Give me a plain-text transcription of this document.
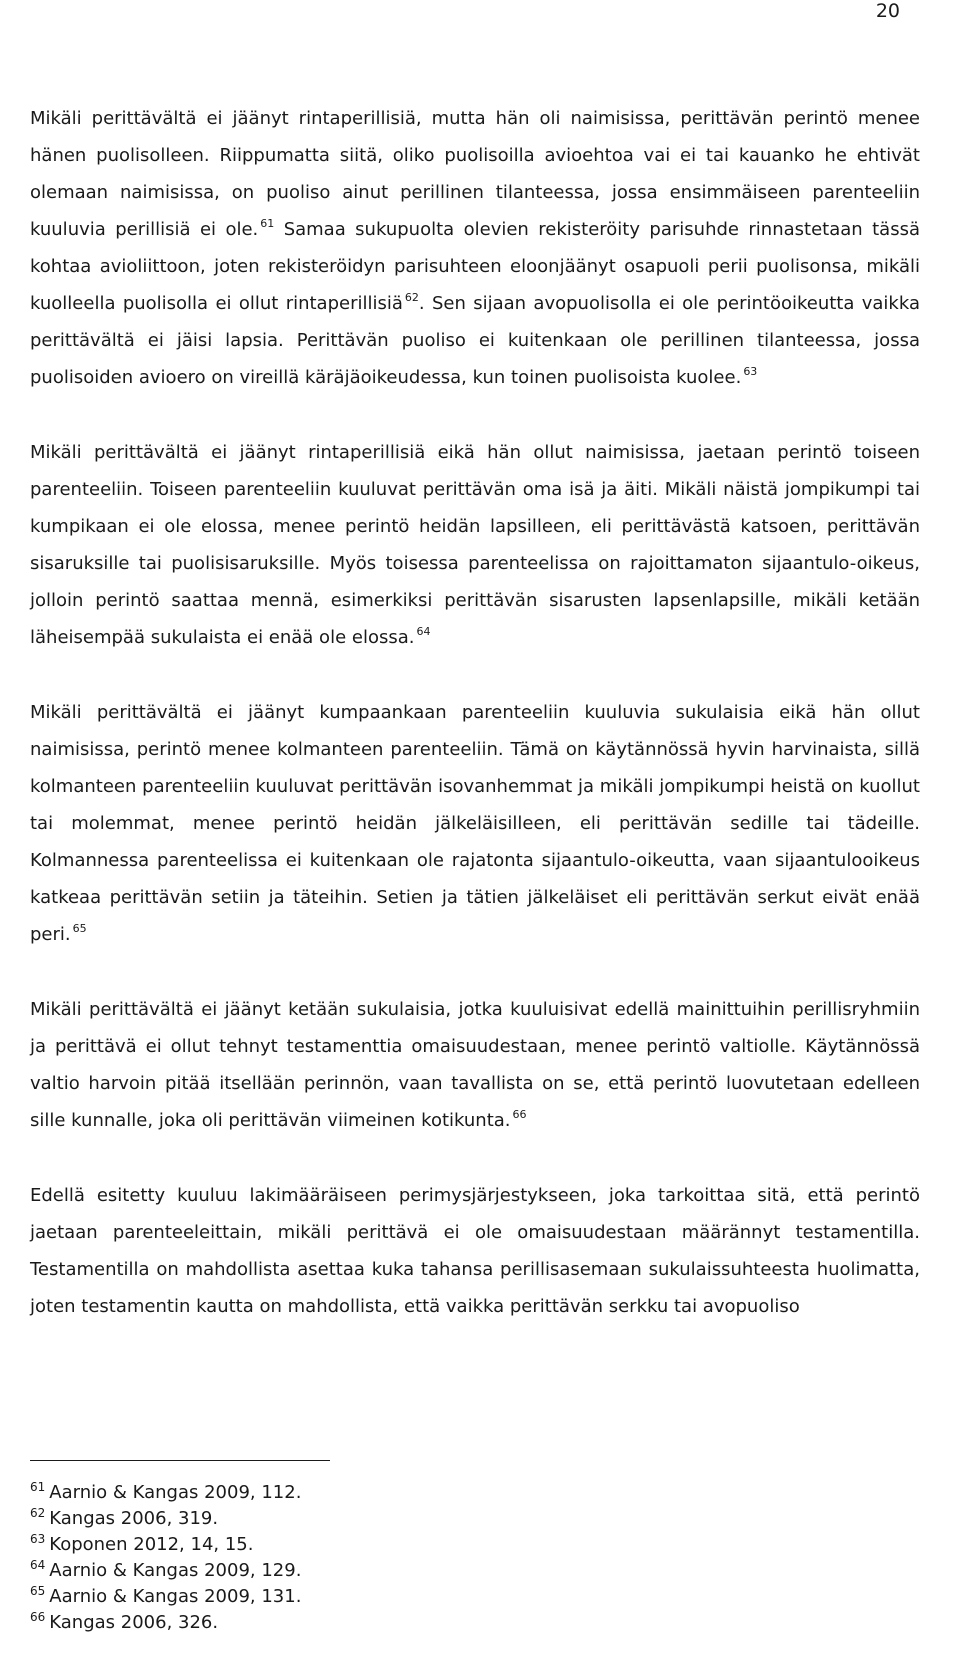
20

Mikäli perittävältä ei jäänyt rintaperillisiä, mutta hän oli naimisissa, perittävän perintö menee hänen puolisolleen. Riippumatta siitä, oliko puolisoilla avioehtoa vai ei tai kauanko he ehtivät olemaan naimisissa, on puoliso ainut perillinen tilanteessa, jossa ensimmäiseen parenteeliin kuuluvia perillisiä ei ole. $^{61}$ Samaa sukupuolta olevien rekisteröity parisuhde rinnastetaan tässä kohtaa avioliittoon, joten rekisteröidyn parisuhteen eloonjäänyt osapuoli perii puolisonsa, mikäli kuolleella puolisolla ei ollut rintaperillisiä $^{62}$. Sen sijaan avopuolisolla ei ole perintöoikeutta vaikka perittävältä ei jäisi lapsia. Perittävän puoliso ei kuitenkaan ole perillinen tilanteessa, jossa puolisoiden avioero on vireillä käräjäoikeudessa, kun toinen puolisoista kuolee. $^{63}$

Mikäli perittävältä ei jäänyt rintaperillisiä eikä hän ollut naimisissa, jaetaan perintö toiseen parenteeliin. Toiseen parenteeliin kuuluvat perittävän oma isä ja äiti. Mikäli näistä jompikumpi tai kumpikaan ei ole elossa, menee perintö heidän lapsilleen, eli perittävästä katsoen, perittävän sisaruksille tai puolisisaruksille. Myös toisessa parenteelissa on rajoittamaton sijaantulo-oikeus, jolloin perintö saattaa mennä, esimerkiksi perittävän sisarusten lapsenlapsille, mikäli ketään läheisempää sukulaista ei enää ole elossa. $^{64}$

Mikäli perittävältä ei jäänyt kumpaankaan parenteeliin kuuluvia sukulaisia eikä hän ollut naimisissa, perintö menee kolmanteen parenteeliin. Tämä on käytännössä hyvin harvinaista, sillä kolmanteen parenteeliin kuuluvat perittävän isovanhemmat ja mikäli jompikumpi heistä on kuollut tai molemmat, menee perintö heidän jälkeläisilleen, eli perittävän sedille tai tädeille. Kolmannessa parenteelissa ei kuitenkaan ole rajatonta sijaantulo-oikeutta, vaan sijaantulooikeus katkeaa perittävän setiin ja täteihin. Setien ja tätien jälkeläiset eli perittävän serkut eivät enää peri. $^{65}$

Mikäli perittävältä ei jäänyt ketään sukulaisia, jotka kuuluisivat edellä mainittuihin perillisryhmiin ja perittävä ei ollut tehnyt testamenttia omaisuudestaan, menee perintö valtiolle. Käytännössä valtio harvoin pitää itsellään perinnön, vaan tavallista on se, että perintö luovutetaan edelleen sille kunnalle, joka oli perittävän viimeinen kotikunta. $^{66}$

Edellä esitetty kuuluu lakimääräiseen perimysjärjestykseen, joka tarkoittaa sitä, että perintö jaetaan parenteeleittain, mikäli perittävä ei ole omaisuudestaan määrännyt testamentilla. Testamentilla on mahdollista asettaa kuka tahansa perillisasemaan sukulaissuhteesta huolimatta, joten testamentin kautta on mahdollista, että vaikka perittävän serkku tai avopuoliso

$^{61}$ Aarnio & Kangas 2009, 112.
$^{62}$ Kangas 2006, 319.
$^{63}$ Koponen 2012, 14, 15.
$^{64}$ Aarnio & Kangas 2009, 129.
$^{65}$ Aarnio & Kangas 2009, 131.
$^{66}$ Kangas 2006, 326.
